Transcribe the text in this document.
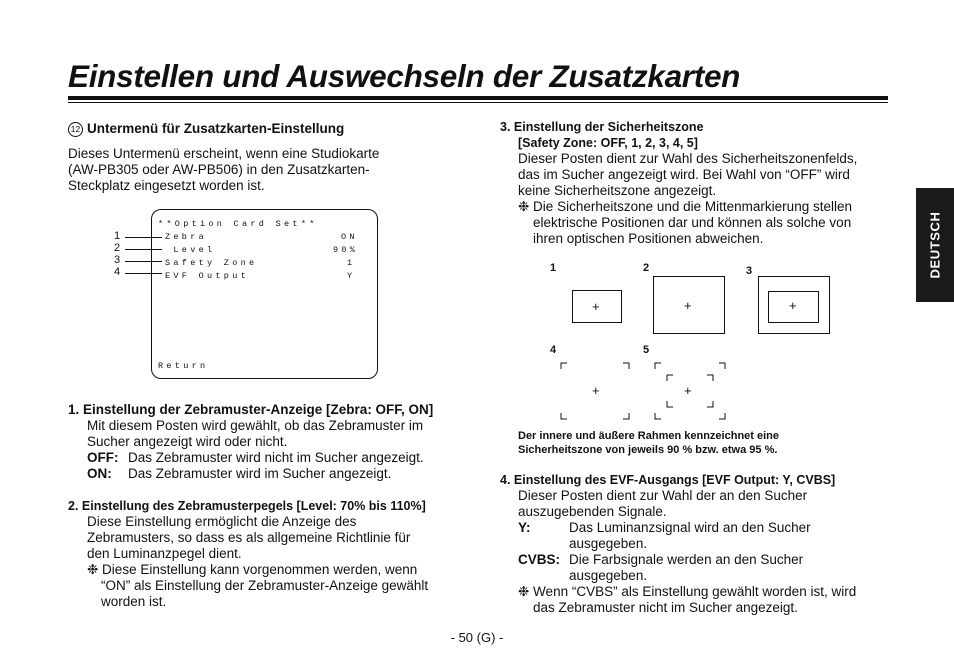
Einstellen und Auswechseln der Zusatzkarten
DEUTSCH
12 Untermenü für Zusatzkarten-Einstellung
Dieses Untermenü erscheint, wenn eine Studiokarte
(AW-PB305 oder AW-PB506) in den Zusatzkarten-
Steckplatz eingesetzt worden ist.
**Option Card Set**
Zebra	ON
Level	90%
Safety Zone	1
EVF Output	Y
Return
1
2
3
4
1. Einstellung der Zebramuster-Anzeige [Zebra: OFF, ON]
Mit diesem Posten wird gewählt, ob das Zebramuster im
Sucher angezeigt wird oder nicht.
OFF: Das Zebramuster wird nicht im Sucher angezeigt.
ON: Das Zebramuster wird im Sucher angezeigt.
2. Einstellung des Zebramusterpegels [Level: 70% bis 110%]
Diese Einstellung ermöglicht die Anzeige des
Zebramusters, so dass es als allgemeine Richtlinie für
den Luminanzpegel dient.
❉ Diese Einstellung kann vorgenommen werden, wenn
“ON” als Einstellung der Zebramuster-Anzeige gewählt
worden ist.
3. Einstellung der Sicherheitszone
[Safety Zone: OFF, 1, 2, 3, 4, 5]
Dieser Posten dient zur Wahl des Sicherheitszonenfelds,
das im Sucher angezeigt wird. Bei Wahl von “OFF” wird
keine Sicherheitszone angezeigt.
❉ Die Sicherheitszone und die Mittenmarkierung stellen
elektrische Positionen dar und können als solche von
ihren optischen Positionen abweichen.
1	2	3
4	5
+	+	+
+	+
Der innere und äußere Rahmen kennzeichnet eine
Sicherheitszone von jeweils 90 % bzw. etwa 95 %.
4. Einstellung des EVF-Ausgangs [EVF Output: Y, CVBS]
Dieser Posten dient zur Wahl der an den Sucher
auszugebenden Signale.
Y:	Das Luminanzsignal wird an den Sucher
ausgegeben.
CVBS: Die Farbsignale werden an den Sucher
ausgegeben.
❉ Wenn “CVBS” als Einstellung gewählt worden ist, wird
das Zebramuster nicht im Sucher angezeigt.
- 50 (G) -
